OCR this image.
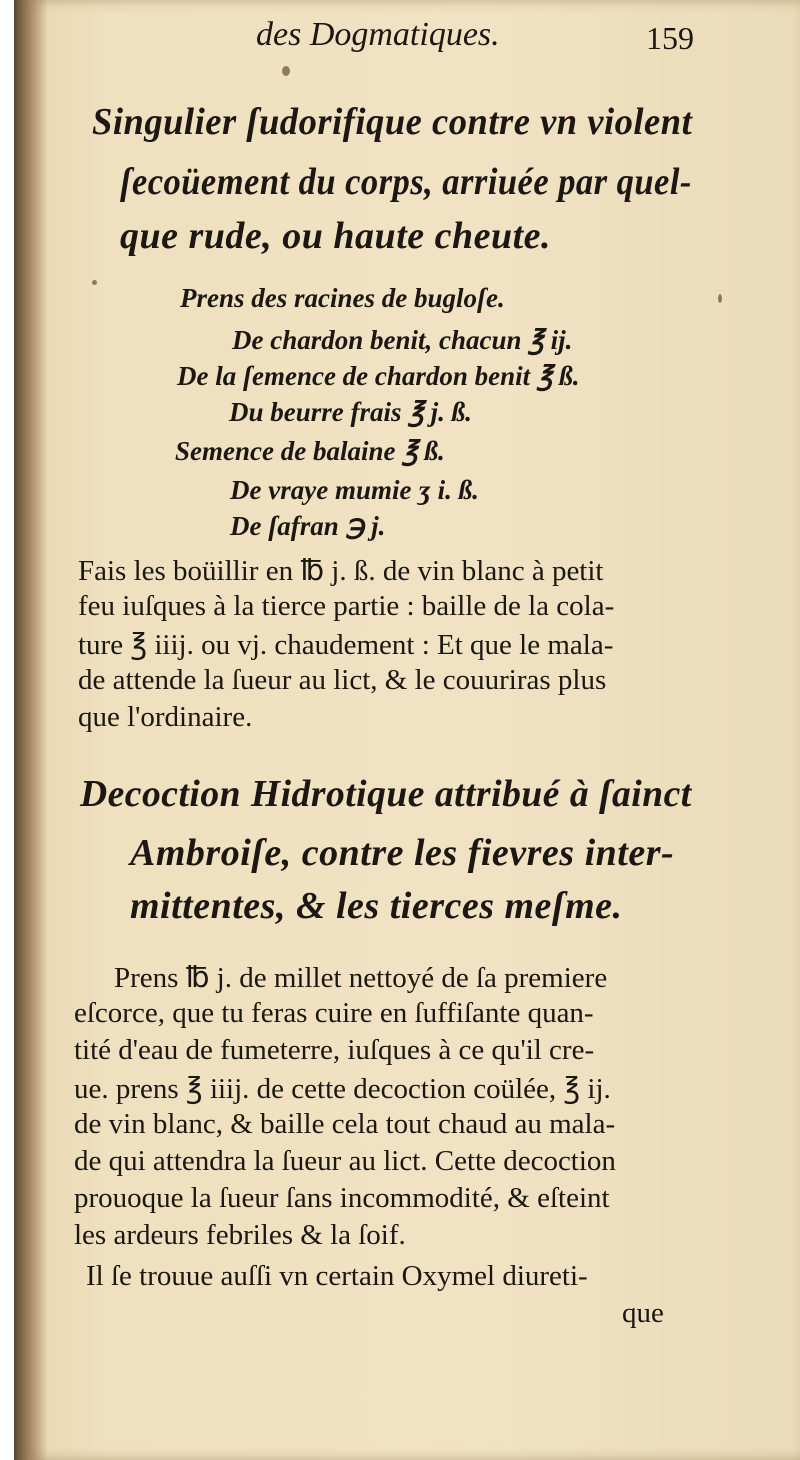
des Dogmatiques.	159
Singulier ſudorifique contre vn violent
ſecoüement du corps, arriuée par quel-
que rude, ou haute cheute.
Prens des racines de bugloſe.
De chardon benit, chacun ℥ ij.
De la ſemence de chardon benit ℥ ß.
Du beurre frais ℥ j. ß.
Semence de balaine ℥ ß.
De vraye mumie ʒ i. ß.
De ſafran ℈ j.
Fais les boüillir en ℔ j. ß. de vin blanc à petit
feu iuſques à la tierce partie : baille de la cola-
ture ℥ iiij. ou vj. chaudement : Et que le mala-
de attende la ſueur au lict, & le couuriras plus
que l'ordinaire.
Decoction Hidrotique attribué à ſainct
Ambroiſe, contre les fievres inter-
mittentes, & les tierces meſme.
Prens ℔ j. de millet nettoyé de ſa premiere
eſcorce, que tu feras cuire en ſuffiſante quan-
tité d'eau de fumeterre, iuſques à ce qu'il cre-
ue. prens ℥ iiij. de cette decoction coülée, ℥ ij.
de vin blanc, & baille cela tout chaud au mala-
de qui attendra la ſueur au lict. Cette decoction
prouoque la ſueur ſans incommodité, & eſteint
les ardeurs febriles & la ſoif.
Il ſe trouue auſſi vn certain Oxymel diureti-
que
